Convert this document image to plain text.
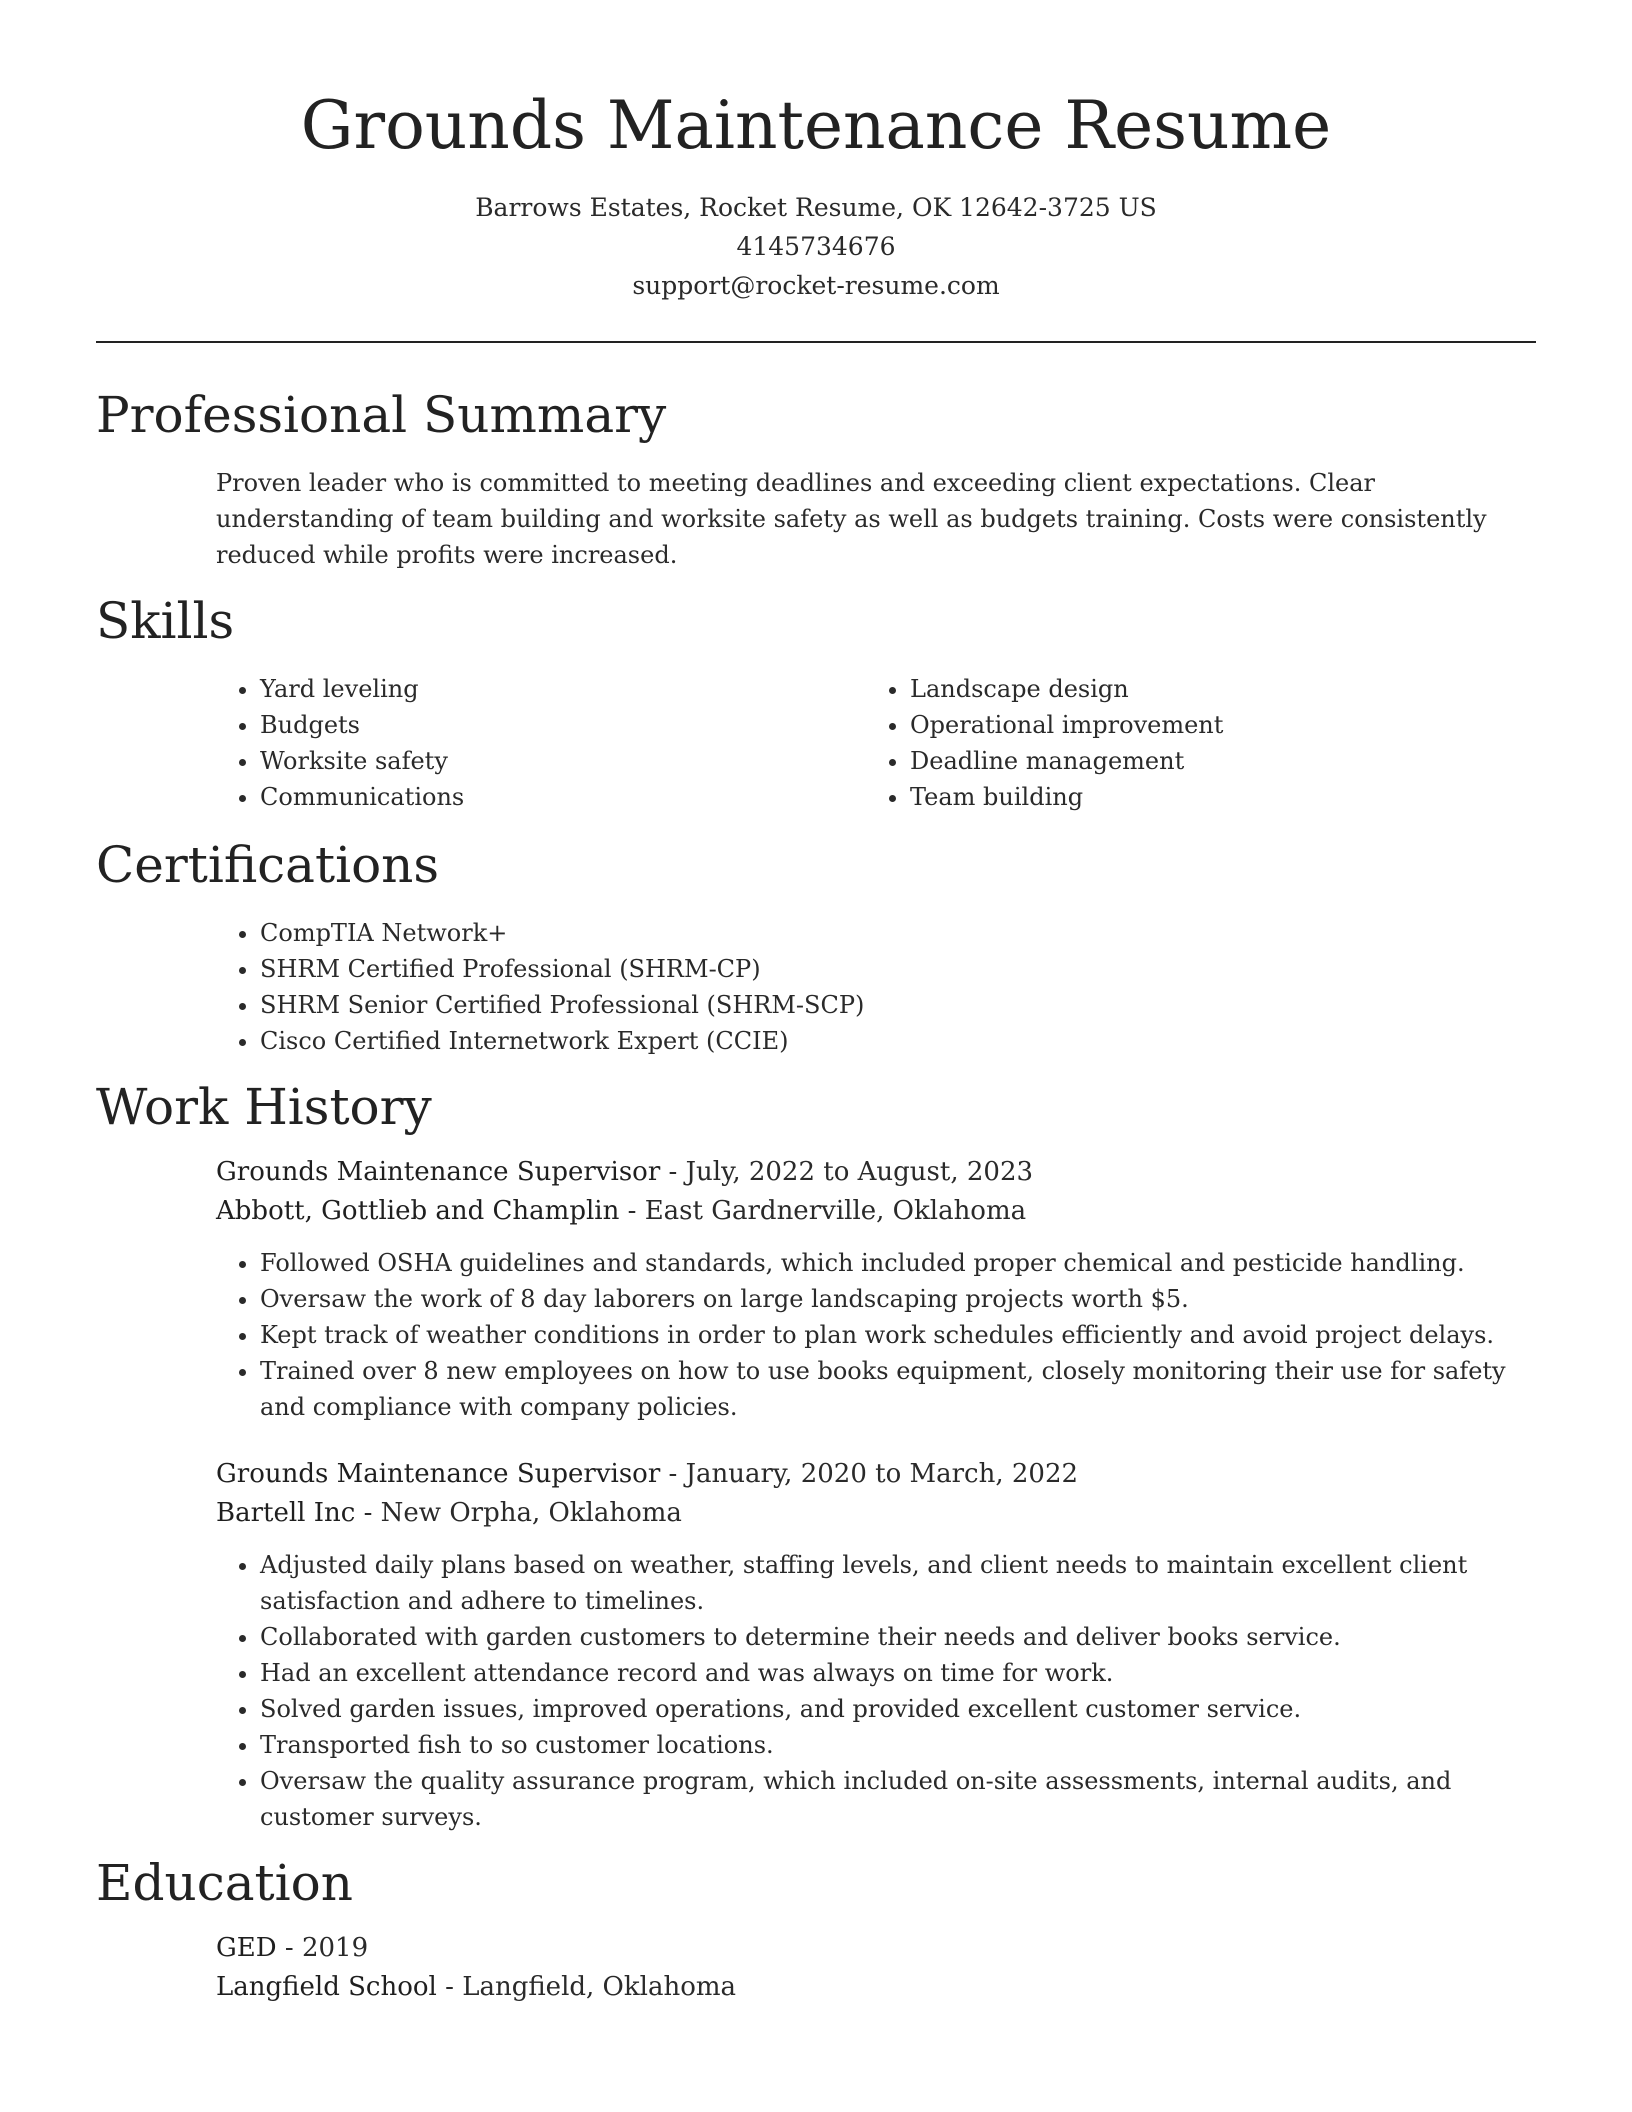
Grounds Maintenance Resume
Barrows Estates, Rocket Resume, OK 12642-3725 US
4145734676
support@rocket-resume.com
Professional Summary

Proven leader who is committed to meeting deadlines and exceeding client expectations. Clear understanding of team building and worksite safety as well as budgets training. Costs were consistently reduced while profits were increased.

Skills
• Yard leveling
• Budgets
• Worksite safety
• Communications
• Landscape design
• Operational improvement
• Deadline management
• Team building
Certifications
• CompTIA Network+
• SHRM Certified Professional (SHRM-CP)
• SHRM Senior Certified Professional (SHRM-SCP)
• Cisco Certified Internetwork Expert (CCIE)
Work History
Grounds Maintenance Supervisor - July, 2022 to August, 2023
Abbott, Gottlieb and Champlin - East Gardnerville, Oklahoma
• Followed OSHA guidelines and standards, which included proper chemical and pesticide handling.
• Oversaw the work of 8 day laborers on large landscaping projects worth $5.
• Kept track of weather conditions in order to plan work schedules efficiently and avoid project delays.
• Trained over 8 new employees on how to use books equipment, closely monitoring their use for safety and compliance with company policies.
Grounds Maintenance Supervisor - January, 2020 to March, 2022
Bartell Inc - New Orpha, Oklahoma
• Adjusted daily plans based on weather, staffing levels, and client needs to maintain excellent client satisfaction and adhere to timelines.
• Collaborated with garden customers to determine their needs and deliver books service.
• Had an excellent attendance record and was always on time for work.
• Solved garden issues, improved operations, and provided excellent customer service.
• Transported fish to so customer locations.
• Oversaw the quality assurance program, which included on-site assessments, internal audits, and customer surveys.
Education
GED - 2019
Langfield School - Langfield, Oklahoma
